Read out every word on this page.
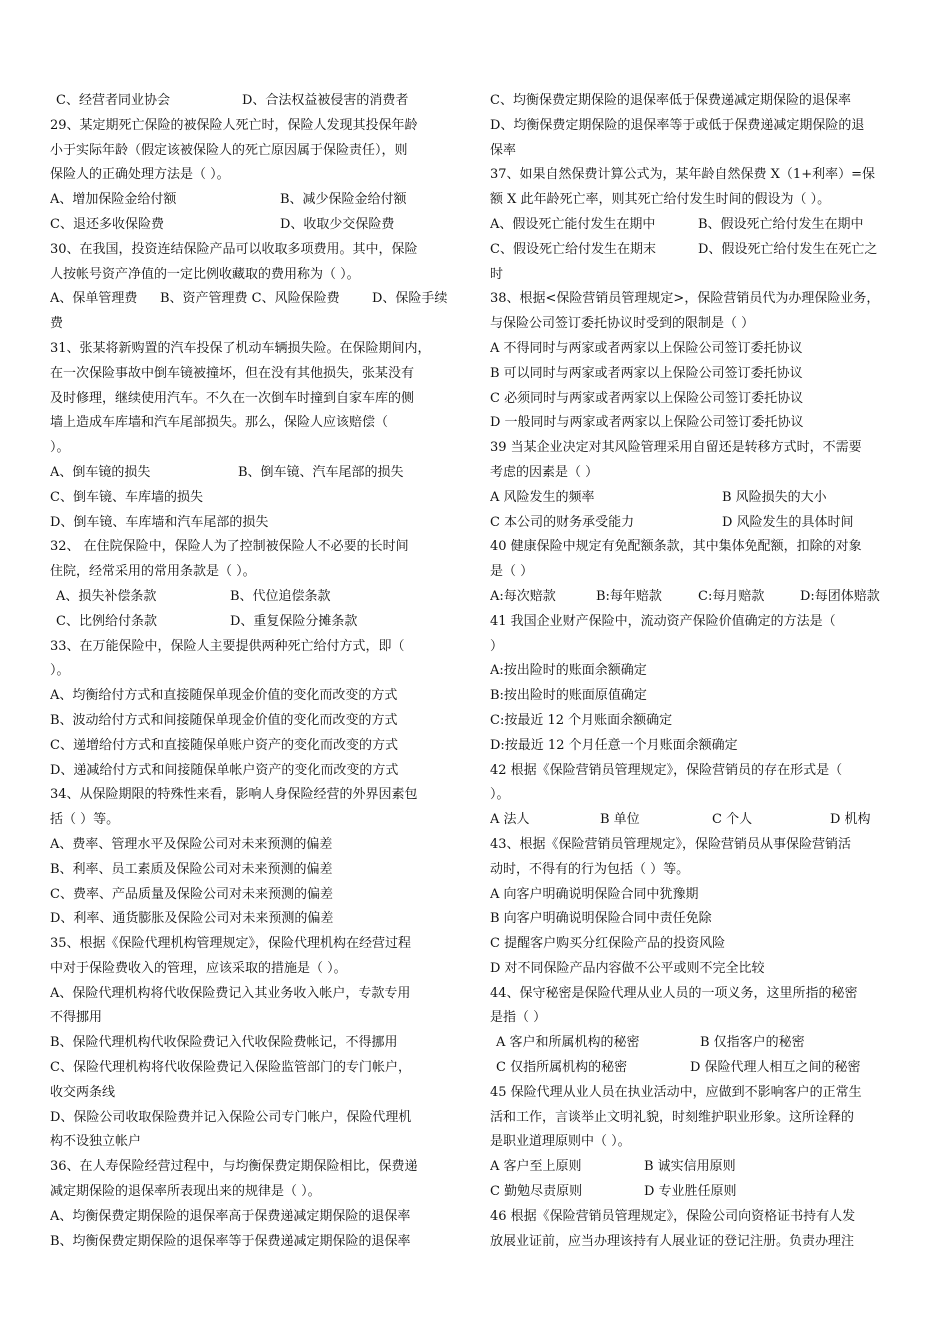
C、经营者同业协会	D、合法权益被侵害的消费者
29、某定期死亡保险的被保险人死亡时，保险人发现其投保年龄
小于实际年龄（假定该被保险人的死亡原因属于保险责任），则
保险人的正确处理方法是（ ）。
A、增加保险金给付额	B、减少保险金给付额
C、退还多收保险费	D、收取少交保险费
30、在我国，投资连结保险产品可以收取多项费用。其中，保险
人按帐号资产净值的一定比例收藏取的费用称为（ ）。
A、保单管理费	B、资产管理费 C、风险保险费	D、保险手续
费
31、张某将新购置的汽车投保了机动车辆损失险。在保险期间内，
在一次保险事故中倒车镜被撞坏，但在没有其他损失，张某没有
及时修理，继续使用汽车。不久在一次倒车时撞到自家车库的侧
墙上造成车库墙和汽车尾部损失。那么，保险人应该赔偿（
）。
A、倒车镜的损失	B、倒车镜、汽车尾部的损失
C、倒车镜、车库墙的损失
D、倒车镜、车库墙和汽车尾部的损失
32、 在住院保险中，保险人为了控制被保险人不必要的长时间
住院，经常采用的常用条款是（ ）。
A、损失补偿条款	B、代位追偿条款
C、比例给付条款	D、重复保险分摊条款
33、在万能保险中，保险人主要提供两种死亡给付方式，即（
）。
A、均衡给付方式和直接随保单现金价值的变化而改变的方式
B、波动给付方式和间接随保单现金价值的变化而改变的方式
C、递增给付方式和直接随保单账户资产的变化而改变的方式
D、递减给付方式和间接随保单帐户资产的变化而改变的方式
34、从保险期限的特殊性来看，影响人身保险经营的外界因素包
括（ ）等。
A、费率、管理水平及保险公司对未来预测的偏差
B、利率、员工素质及保险公司对未来预测的偏差
C、费率、产品质量及保险公司对未来预测的偏差
D、利率、通货膨胀及保险公司对未来预测的偏差
35、根据《保险代理机构管理规定》，保险代理机构在经营过程
中对于保险费收入的管理，应该采取的措施是（ ）。
A、保险代理机构将代收保险费记入其业务收入帐户，专款专用
不得挪用
B、保险代理机构代收保险费记入代收保险费帐记，不得挪用
C、保险代理机构将代收保险费记入保险监管部门的专门帐户，
收交两条线
D、保险公司收取保险费并记入保险公司专门帐户，保险代理机
构不设独立帐户
36、在人寿保险经营过程中，与均衡保费定期保险相比，保费递
减定期保险的退保率所表现出来的规律是（ ）。
A、均衡保费定期保险的退保率高于保费递减定期保险的退保率
B、均衡保费定期保险的退保率等于保费递减定期保险的退保率
C、均衡保费定期保险的退保率低于保费递减定期保险的退保率
D、均衡保费定期保险的退保率等于或低于保费递减定期保险的退
保率
37、如果自然保费计算公式为，某年龄自然保费 X（1+利率）=保
额 X 此年龄死亡率，则其死亡给付发生时间的假设为（ ）。
A、假设死亡能付发生在期中	B、假设死亡给付发生在期中
C、假设死亡给付发生在期末	D、假设死亡给付发生在死亡之
时
38、根据<保险营销员管理规定>，保险营销员代为办理保险业务，
与保险公司签订委托协议时受到的限制是（ ）
A 不得同时与两家或者两家以上保险公司签订委托协议
B 可以同时与两家或者两家以上保险公司签订委托协议
C 必须同时与两家或者两家以上保险公司签订委托协议
D 一般同时与两家或者两家以上保险公司签订委托协议
39 当某企业决定对其风险管理采用自留还是转移方式时，不需要
考虑的因素是（ ）
A 风险发生的频率	B 风险损失的大小
C 本公司的财务承受能力	D 风险发生的具体时间
40 健康保险中规定有免配额条款，其中集体免配额，扣除的对象
是（ ）
A:每次赔款	B:每年赔款	C:每月赔款	D:每团体赔款
41 我国企业财产保险中，流动资产保险价值确定的方法是（
）
A:按出险时的账面余额确定
B:按出险时的账面原值确定
C:按最近 12 个月账面余额确定
D:按最近 12 个月任意一个月账面余额确定
42 根据《保险营销员管理规定》，保险营销员的存在形式是（
）。
A 法人	B 单位	C 个人	D 机构
43、根据《保险营销员管理规定》，保险营销员从事保险营销活
动时，不得有的行为包括（ ）等。
A 向客户明确说明保险合同中犹豫期
B 向客户明确说明保险合同中责任免除
C 提醒客户购买分红保险产品的投资风险
D 对不同保险产品内容做不公平或则不完全比较
44、保守秘密是保险代理从业人员的一项义务，这里所指的秘密
是指（ ）
A 客户和所属机构的秘密	B 仅指客户的秘密
C 仅指所属机构的秘密	D 保险代理人相互之间的秘密
45 保险代理从业人员在执业活动中，应做到不影响客户的正常生
活和工作，言谈举止文明礼貌，时刻维护职业形象。这所诠释的
是职业道理原则中（ ）。
A 客户至上原则	B 诚实信用原则
C 勤勉尽责原则	D 专业胜任原则
46 根据《保险营销员管理规定》，保险公司向资格证书持有人发
放展业证前，应当办理该持有人展业证的登记注册。负责办理注
